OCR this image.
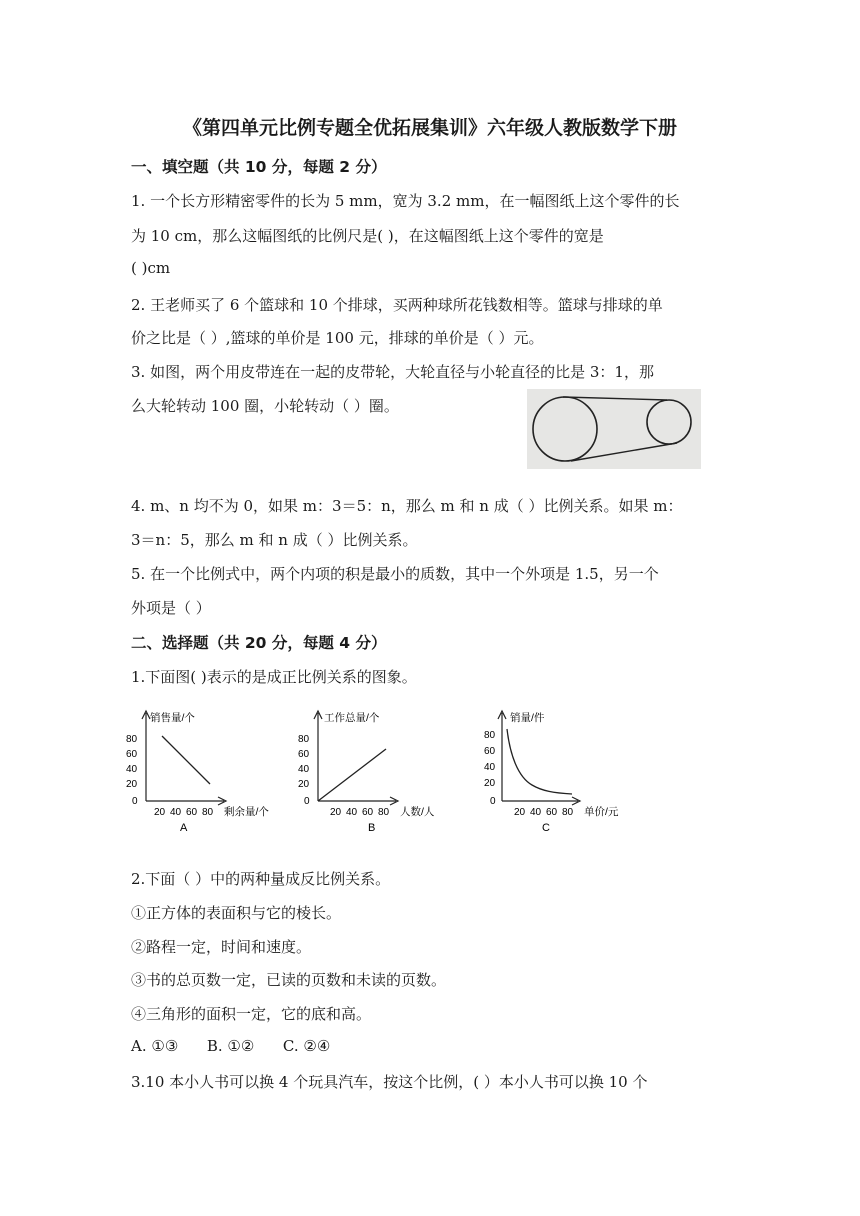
《第四单元比例专题全优拓展集训》六年级人教版数学下册
一、填空题（共 10 分，每题 2 分）
1. 一个长方形精密零件的长为 5 mm，宽为 3.2 mm，在一幅图纸上这个零件的长
为 10 cm，那么这幅图纸的比例尺是( )，在这幅图纸上这个零件的宽是
( )cm
2. 王老师买了 6 个篮球和 10 个排球，买两种球所花钱数相等。篮球与排球的单
价之比是（ ）,篮球的单价是 100 元，排球的单价是（ ）元。
3. 如图，两个用皮带连在一起的皮带轮，大轮直径与小轮直径的比是 3：1，那
么大轮转动 100 圈，小轮转动（ ）圈。
4. m、n 均不为 0，如果 m：3＝5：n，那么 m 和 n 成（ ）比例关系。如果 m：
3＝n：5，那么 m 和 n 成（ ）比例关系。
5. 在一个比例式中，两个内项的积是最小的质数，其中一个外项是 1.5，另一个
外项是（ ）
二、选择题（共 20 分，每题 4 分）
1.下面图( )表示的是成正比例关系的图象。
销售量/个
80
60
40
20
0
20 40 60 80 剩余量/个
A
工作总量/个
80
60
40
20
0
20 40 60 80 人数/人
B
销量/件
80
60
40
20
0
20 40 60 80 单价/元
C
2.下面（ ）中的两种量成反比例关系。
①正方体的表面积与它的棱长。
②路程一定，时间和速度。
③书的总页数一定，已读的页数和未读的页数。
④三角形的面积一定，它的底和高。
A. ①③      B. ①②      C. ②④
3.10 本小人书可以换 4 个玩具汽车，按这个比例，( ）本小人书可以换 10 个
